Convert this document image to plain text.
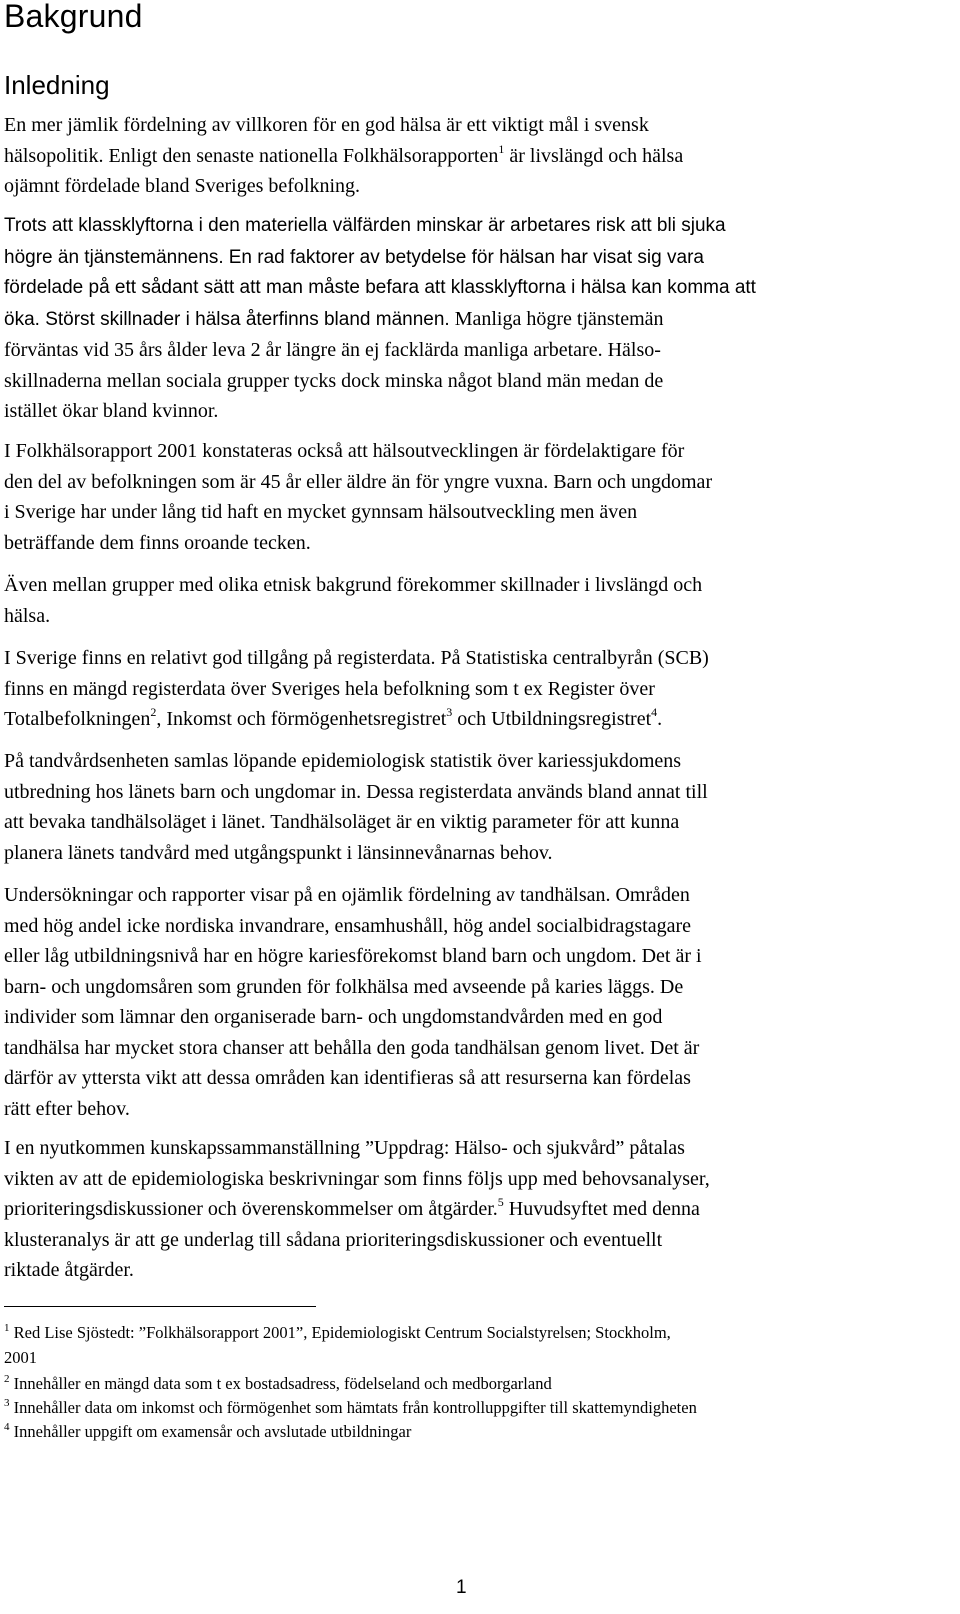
Bakgrund
Inledning
En mer jämlik fördelning av villkoren för en god hälsa är ett viktigt mål i svensk
hälsopolitik. Enligt den senaste nationella Folkhälsorapporten$^1$ är livslängd och hälsa
ojämnt fördelade bland Sveriges befolkning.
Trots att klassklyftorna i den materiella välfärden minskar är arbetares risk att bli sjuka
högre än tjänstemännens. En rad faktorer av betydelse för hälsan har visat sig vara
fördelade på ett sådant sätt att man måste befara att klassklyftorna i hälsa kan komma att
öka. Störst skillnader i hälsa återfinns bland männen. Manliga högre tjänstemän
förväntas vid 35 års ålder leva 2 år längre än ej facklärda manliga arbetare. Hälso-
skillnaderna mellan sociala grupper tycks dock minska något bland män medan de
istället ökar bland kvinnor.
I Folkhälsorapport 2001 konstateras också att hälsoutvecklingen är fördelaktigare för
den del av befolkningen som är 45 år eller äldre än för yngre vuxna. Barn och ungdomar
i Sverige har under lång tid haft en mycket gynnsam hälsoutveckling men även
beträffande dem finns oroande tecken.
Även mellan grupper med olika etnisk bakgrund förekommer skillnader i livslängd och
hälsa.
I Sverige finns en relativt god tillgång på registerdata. På Statistiska centralbyrån (SCB)
finns en mängd registerdata över Sveriges hela befolkning som t ex Register över
Totalbefolkningen$^2$, Inkomst och förmögenhetsregistret$^3$ och Utbildningsregistret$^4$.
På tandvårdsenheten samlas löpande epidemiologisk statistik över kariessjukdomens
utbredning hos länets barn och ungdomar in. Dessa registerdata används bland annat till
att bevaka tandhälsoläget i länet. Tandhälsoläget är en viktig parameter för att kunna
planera länets tandvård med utgångspunkt i länsinnevånarnas behov.
Undersökningar och rapporter visar på en ojämlik fördelning av tandhälsan. Områden
med hög andel icke nordiska invandrare, ensamhushåll, hög andel socialbidragstagare
eller låg utbildningsnivå har en högre kariesförekomst bland barn och ungdom. Det är i
barn- och ungdomsåren som grunden för folkhälsa med avseende på karies läggs. De
individer som lämnar den organiserade barn- och ungdomstandvården med en god
tandhälsa har mycket stora chanser att behålla den goda tandhälsan genom livet. Det är
därför av yttersta vikt att dessa områden kan identifieras så att resurserna kan fördelas
rätt efter behov.
I en nyutkommen kunskapssammanställning ”Uppdrag: Hälso- och sjukvård” påtalas
vikten av att de epidemiologiska beskrivningar som finns följs upp med behovsanalyser,
prioriteringsdiskussioner och överenskommelser om åtgärder.$^5$ Huvudsyftet med denna
klusteranalys är att ge underlag till sådana prioriteringsdiskussioner och eventuellt
riktade åtgärder.
$^1$ Red Lise Sjöstedt: ”Folkhälsorapport 2001”, Epidemiologiskt Centrum Socialstyrelsen; Stockholm,
2001
$^2$ Innehåller en mängd data som t ex bostadsadress, födelseland och medborgarland
$^3$ Innehåller data om inkomst och förmögenhet som hämtats från kontrolluppgifter till skattemyndigheten
$^4$ Innehåller uppgift om examensår och avslutade utbildningar
1
